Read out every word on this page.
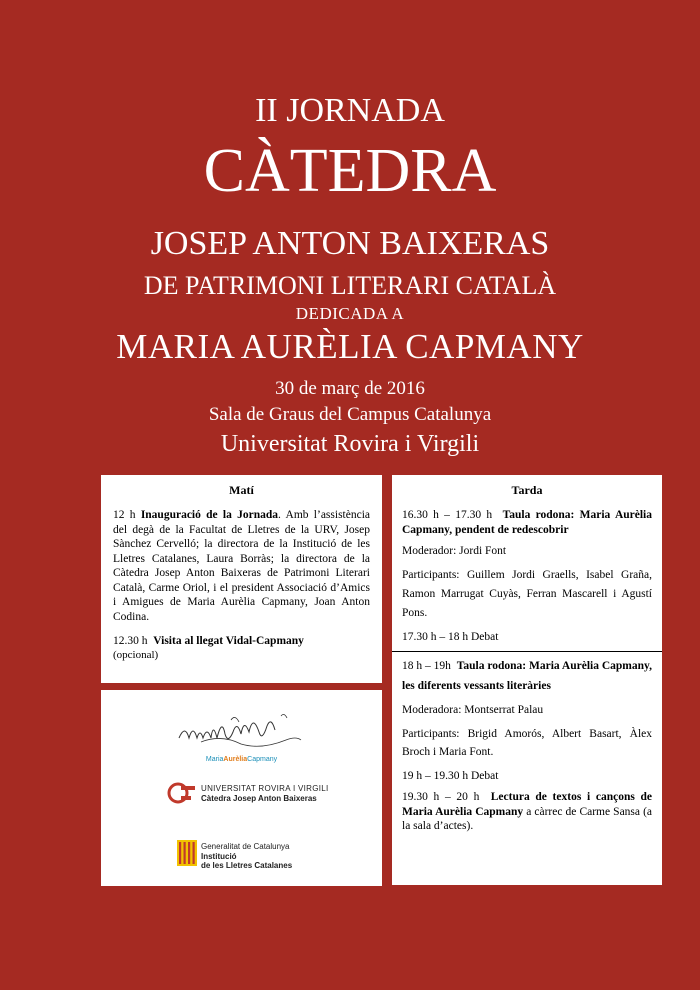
II JORNADA
CÀTEDRA
JOSEP ANTON BAIXERAS
DE PATRIMONI LITERARI CATALÀ
DEDICADA A
MARIA AURÈLIA CAPMANY
30 de març de 2016
Sala de Graus del Campus Catalunya
Universitat Rovira i Virgili
Matí
12 h Inauguració de la Jornada. Amb l’assistència del degà de la Facultat de Lletres de la URV, Josep Sànchez Cervelló; la directora de la Institució de les Lletres Catalanes, Laura Borràs; la directora de la Càtedra Josep Anton Baixeras de Patrimoni Literari Català, Carme Oriol, i el president Associació d’Amics i Amigues de Maria Aurèlia Capmany, Joan Anton Codina.
12.30 h Visita al llegat Vidal-Capmany
(opcional)
MariaAurèliaCapmany
UNIVERSITAT ROVIRA I VIRGILI
Càtedra Josep Anton Baixeras
Generalitat de Catalunya
Institució
de les Lletres Catalanes
Tarda
16.30 h – 17.30 h Taula rodona: Maria Aurèlia Capmany, pendent de redescobrir
Moderador: Jordi Font
Participants: Guillem Jordi Graells, Isabel Graña, Ramon Marrugat Cuyàs, Ferran Mascarell i Agustí Pons.
17.30 h – 18 h Debat
18 h – 19h Taula rodona: Maria Aurèlia Capmany, les diferents vessants literàries
Moderadora: Montserrat Palau
Participants: Brigid Amorós, Albert Basart, Àlex Broch i Maria Font.
19 h – 19.30 h Debat
19.30 h – 20 h Lectura de textos i cançons de Maria Aurèlia Capmany a càrrec de Carme Sansa (a la sala d’actes).
